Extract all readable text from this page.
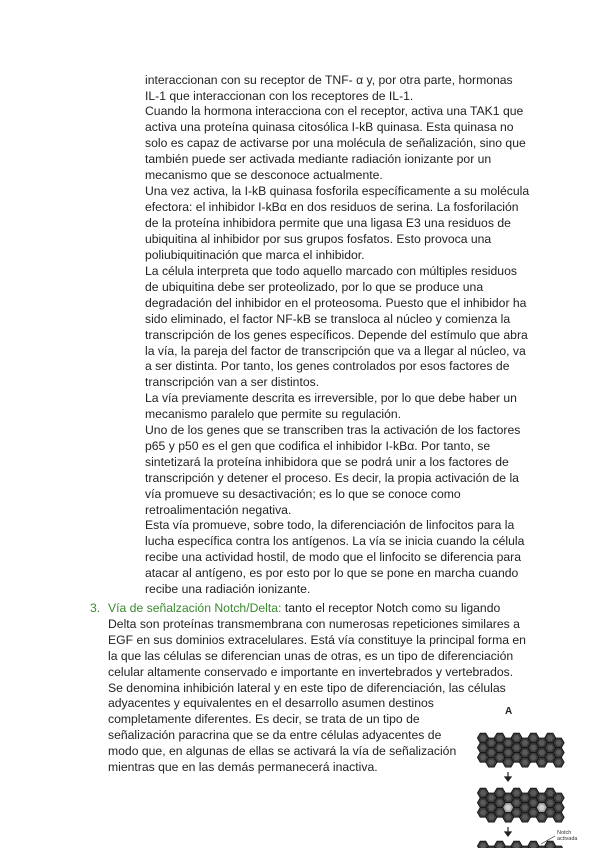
interaccionan con su receptor de TNF- α y, por otra parte, hormonas
IL-1 que interaccionan con los receptores de IL-1.
Cuando la hormona interacciona con el receptor, activa una TAK1 que
activa una proteína quinasa citosólica I-kB quinasa. Esta quinasa no
solo es capaz de activarse por una molécula de señalización, sino que
también puede ser activada mediante radiación ionizante por un
mecanismo que se desconoce actualmente.
Una vez activa, la I-kB quinasa fosforila específicamente a su molécula
efectora: el inhibidor I-kBα en dos residuos de serina. La fosforilación
de la proteína inhibidora permite que una ligasa E3 una residuos de
ubiquitina al inhibidor por sus grupos fosfatos. Esto provoca una
poliubiquitinación que marca el inhibidor.
La célula interpreta que todo aquello marcado con múltiples residuos
de ubiquitina debe ser proteolizado, por lo que se produce una
degradación del inhibidor en el proteosoma. Puesto que el inhibidor ha
sido eliminado, el factor NF-kB se transloca al núcleo y comienza la
transcripción de los genes específicos. Depende del estímulo que abra
la vía, la pareja del factor de transcripción que va a llegar al núcleo, va
a ser distinta. Por tanto, los genes controlados por esos factores de
transcripción van a ser distintos.
La vía previamente descrita es irreversible, por lo que debe haber un
mecanismo paralelo que permite su regulación.
Uno de los genes que se transcriben tras la activación de los factores
p65 y p50 es el gen que codifica el inhibidor I-kBα. Por tanto, se
sintetizará la proteína inhibidora que se podrá unir a los factores de
transcripción y detener el proceso. Es decir, la propia activación de la
vía promueve su desactivación; es lo que se conoce como
retroalimentación negativa.
Esta vía promueve, sobre todo, la diferenciación de linfocitos para la
lucha específica contra los antígenos. La vía se inicia cuando la célula
recibe una actividad hostil, de modo que el linfocito se diferencia para
atacar al antígeno, es por esto por lo que se pone en marcha cuando
recibe una radiación ionizante.
3. Vía de señalzación Notch/Delta: tanto el receptor Notch como su ligando
Delta son proteínas transmembrana con numerosas repeticiones similares a
EGF en sus dominios extracelulares. Está vía constituye la principal forma en
la que las células se diferencian unas de otras, es un tipo de diferenciación
celular altamente conservado e importante en invertebrados y vertebrados.
Se denomina inhibición lateral y en este tipo de diferenciación, las células
adyacentes y equivalentes en el desarrollo asumen destinos
completamente diferentes. Es decir, se trata de un tipo de
señalización paracrina que se da entre células adyacentes de
modo que, en algunas de ellas se activará la vía de señalización
mientras que en las demás permanecerá inactiva.
A
Notch
activada
